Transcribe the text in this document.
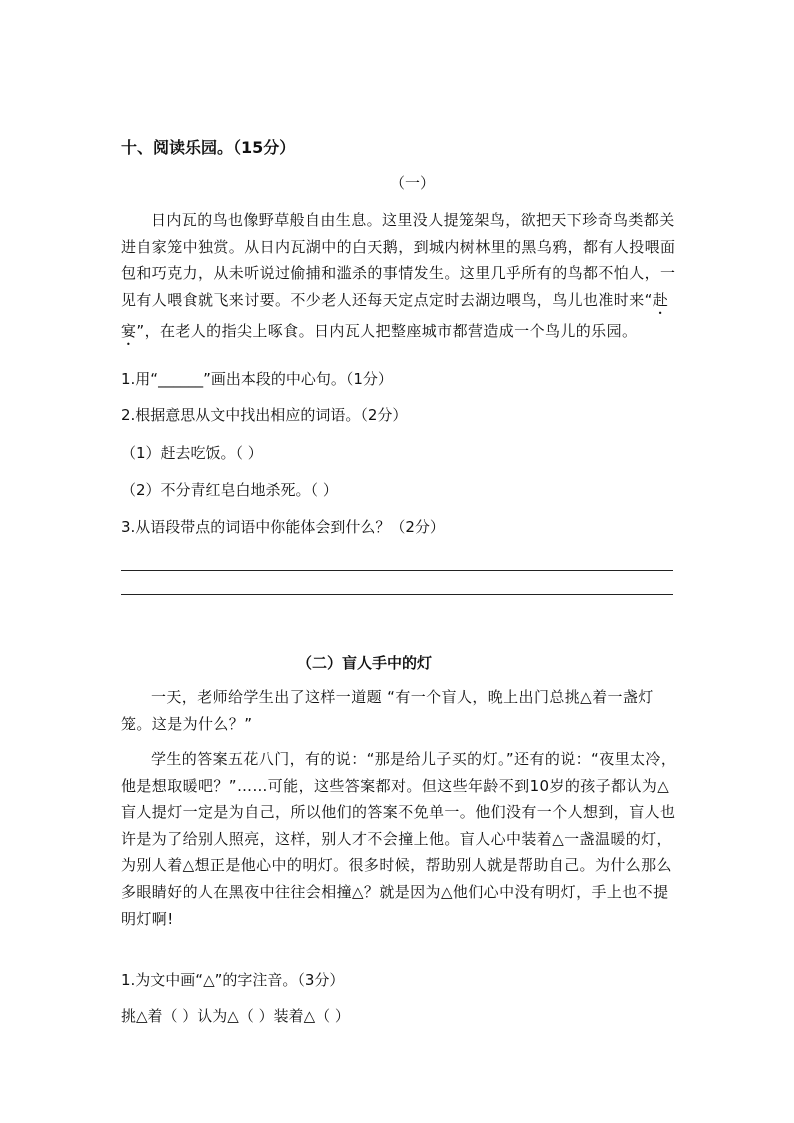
十、阅读乐园。（15分）

（一）

日内瓦的鸟也像野草般自由生息。这里没人提笼架鸟，欲把天下珍奇鸟类都关进自家笼中独赏。从日内瓦湖中的白天鹅，到城内树林里的黑乌鸦，都有人投喂面包和巧克力，从未听说过偷捕和滥杀的事情发生。这里几乎所有的鸟都不怕人，一见有人喂食就飞来讨要。不少老人还每天定点定时去湖边喂鸟，鸟儿也准时来“赴宴”，在老人的指尖上啄食。日内瓦人把整座城市都营造成一个鸟儿的乐园。

1.用“______”画出本段的中心句。（1分）

2.根据意思从文中找出相应的词语。（2分）

（1）赶去吃饭。（ ）

（2）不分青红皂白地杀死。（ ）

3.从语段带点的词语中你能体会到什么？（2分）

（二）盲人手中的灯

一天，老师给学生出了这样一道题 “有一个盲人，晚上出门总挑△着一盏灯笼。这是为什么？”

学生的答案五花八门，有的说：“那是给儿子买的灯。”还有的说：“夜里太冷，他是想取暖吧？”……可能，这些答案都对。但这些年龄不到10岁的孩子都认为△盲人提灯一定是为自己，所以他们的答案不免单一。他们没有一个人想到，盲人也许是为了给别人照亮，这样，别人才不会撞上他。盲人心中装着△一盏温暖的灯，为别人着△想正是他心中的明灯。很多时候，帮助别人就是帮助自己。为什么那么多眼睛好的人在黑夜中往往会相撞△？就是因为△他们心中没有明灯，手上也不提明灯啊!

1.为文中画“△”的字注音。（3分）

挑△着（ ）认为△（ ）装着△（ ）
